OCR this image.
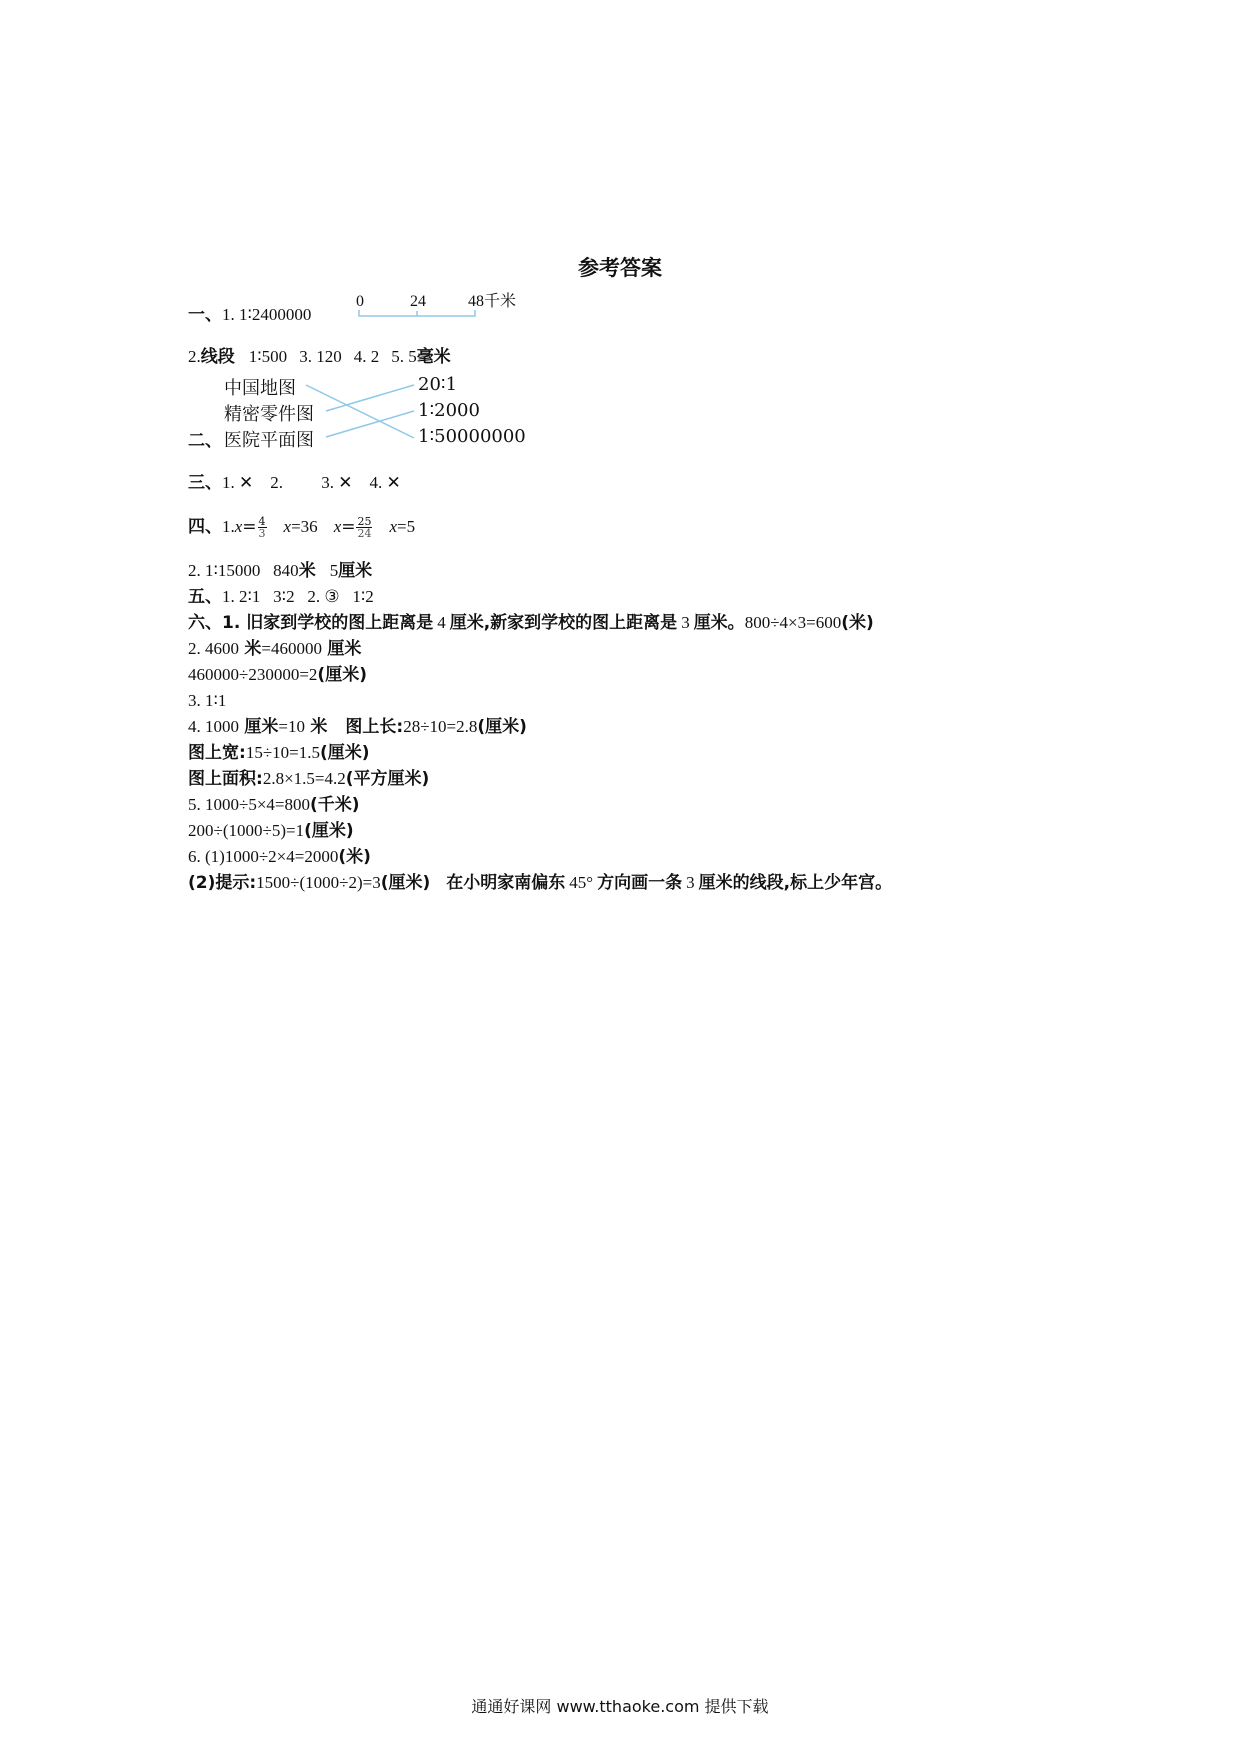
参考答案
一、1. 1∶2400000
0	24	48千米
2.线段 1∶500 3. 120 4. 2 5. 5毫米
中国地图
精密零件图
二、 医院平面图
20∶1
1∶2000
1∶50000000
三、1. ✕    2.         3. ✕    4. ✕
四、$1.x= \frac{4}{3} x=36$ $x= \frac{25}{24} x=5$
2. 1∶15000   840米 5厘米
五、1. 2∶1   3∶2   2. ③   1∶2
六、1. 旧家到学校的图上距离是 4 厘米,新家到学校的图上距离是 3 厘米。800÷4×3=600(米)
2. 4600 米=460000 厘米
460000÷230000=2(厘米)
3. 1∶1
4. 1000 厘米=10 米 图上长:28÷10=2.8(厘米)
图上宽:15÷10=1.5(厘米)
图上面积:2.8×1.5=4.2(平方厘米)
5. 1000÷5×4=800(千米)
200÷(1000÷5)=1(厘米)
6. (1)1000÷2×4=2000(米)
(2)提示:1500÷(1000÷2)=3(厘米) 在小明家南偏东 45° 方向画一条 3 厘米的线段,标上少年宫。
通通好课网 www.tthaoke.com 提供下载
